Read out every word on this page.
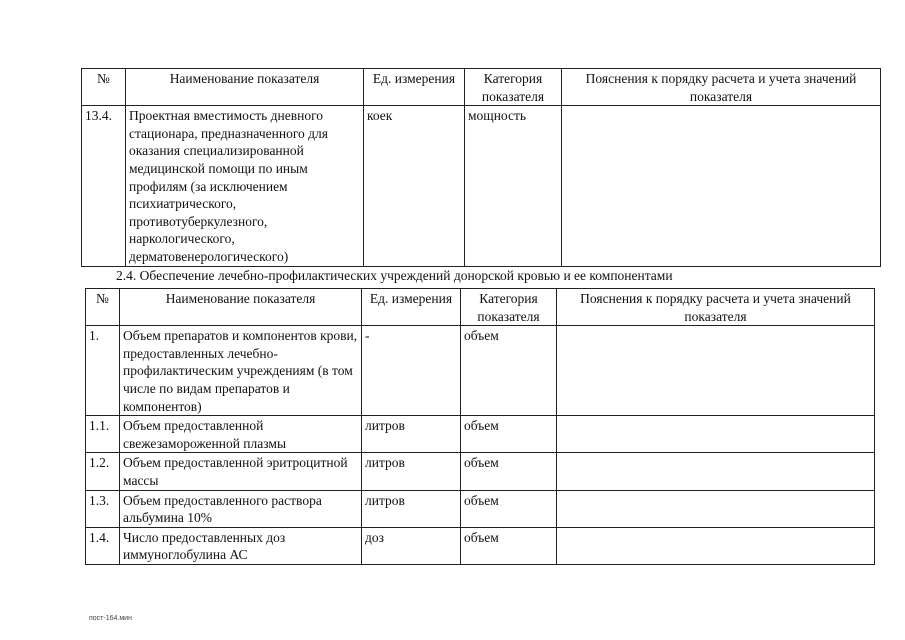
№	Наименование показателя	Ед. измерения	Категория показателя	Пояснения к порядку расчета и учета значений показателя
13.4.	Проектная вместимость дневного стационара, предназначенного для оказания специализированной медицинской помощи по иным профилям (за исключением психиатрического, противотуберкулезного, наркологического, дерматовенерологического)	коек	мощность	
2.4. Обеспечение лечебно-профилактических учреждений донорской кровью и ее компонентами
№	Наименование показателя	Ед. измерения	Категория показателя	Пояснения к порядку расчета и учета значений показателя
1.	Объем препаратов и компонентов крови, предоставленных лечебно-профилактическим учреждениям (в том числе по видам препаратов и компонентов)	-	объем	
1.1.	Объем предоставленной свежезамороженной плазмы	литров	объем	
1.2.	Объем предоставленной эритроцитной массы	литров	объем	
1.3.	Объем предоставленного раствора альбумина 10%	литров	объем	
1.4.	Число предоставленных доз иммуноглобулина АС	доз	объем	
пост-164.мин
